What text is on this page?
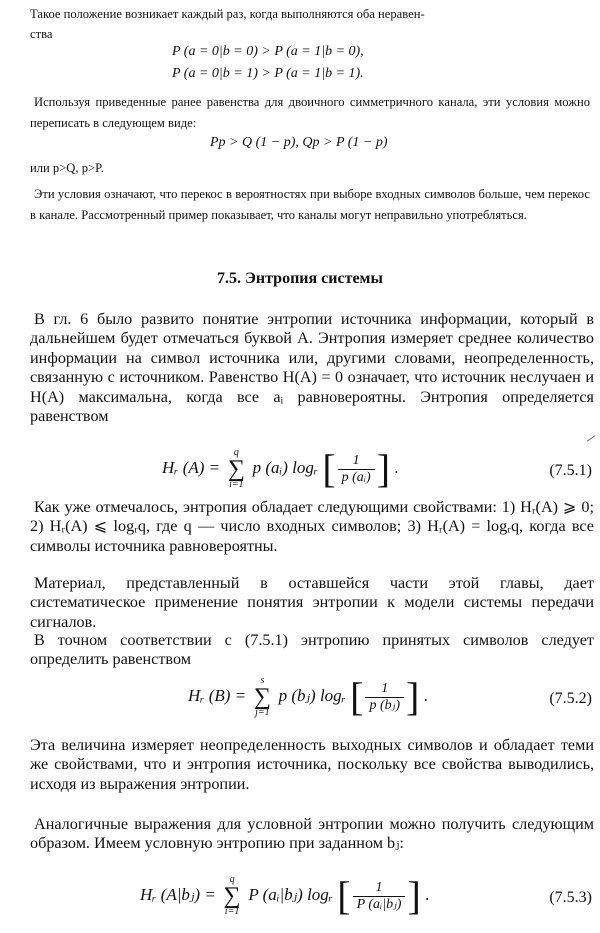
Такое положение возникает каждый раз, когда выполняются оба неравен-
ства
P (a = 0|b = 0) > P (a = 1|b = 0),
P (a = 0|b = 1) > P (a = 1|b = 1).
Используя приведенные ранее равенства для двоичного симметричного канала, эти условия можно переписать в следующем виде:
Pp > Q (1 − p), Qp > P (1 − p)
или p>Q, p>P.
Эти условия означают, что перекос в вероятностях при выборе входных символов больше, чем перекос в канале. Рассмотренный пример показывает, что каналы могут неправильно употребляться.
7.5. Энтропия системы
В гл. 6 было развито понятие энтропии источника информации, который в дальнейшем будет отмечаться буквой A. Энтропия измеряет среднее количество информации на символ источника или, другими словами, неопределенность, связанную с источником. Равенство H(A) = 0 означает, что источник неслучаен и H(A) максимальна, когда все aᵢ равновероятны. Энтропия определяется равенством
Hᵣ (A) =
q
∑
i=1
p (aᵢ) logᵣ [ $\frac{1}{\text{p (aᵢ)}}$ ] .	(7.5.1)
Как уже отмечалось, энтропия обладает следующими свойствами: 1) Hᵣ(A) ⩾ 0; 2) Hᵣ(A) ⩽ logᵣq, где q — число входных символов; 3) Hᵣ(A) = logᵣq, когда все символы источника равновероятны.
Материал, представленный в оставшейся части этой главы, дает систематическое применение понятия энтропии к модели системы передачи сигналов.
В точном соответствии с (7.5.1) энтропию принятых символов следует определить равенством
Hᵣ (B) =
s
∑
j=1
p (bⱼ) logᵣ [ $\frac{1}{\text{p (bⱼ)}}$ ] .	(7.5.2)
Эта величина измеряет неопределенность выходных символов и обладает теми же свойствами, что и энтропия источника, поскольку все свойства выводились, исходя из выражения энтропии.
Аналогичные выражения для условной энтропии можно получить следующим образом. Имеем условную энтропию при заданном bⱼ:
Hᵣ (A|bⱼ) =
q
∑
i=1
P (aᵢ|bⱼ) logᵣ [ $\frac{1}{\text{P (aᵢ|bⱼ)}}$ ] .	(7.5.3)
